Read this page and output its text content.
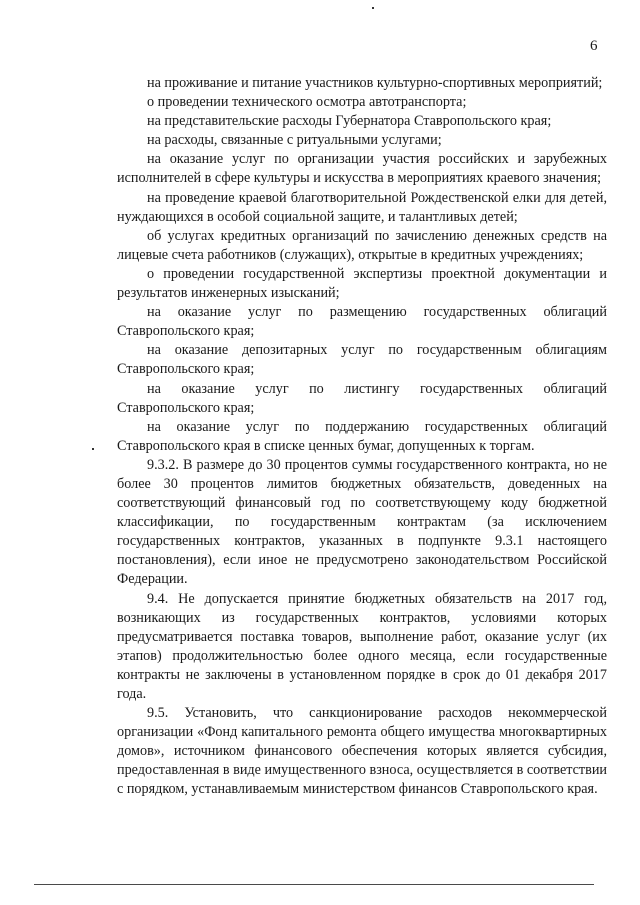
6

на проживание и питание участников культурно-спортивных мероприятий;

о проведении технического осмотра автотранспорта;

на представительские расходы Губернатора Ставропольского края;

на расходы, связанные с ритуальными услугами;

на оказание услуг по организации участия российских и зарубежных исполнителей в сфере культуры и искусства в мероприятиях краевого значения;

на проведение краевой благотворительной Рождественской елки для детей, нуждающихся в особой социальной защите, и талантливых детей;

об услугах кредитных организаций по зачислению денежных средств на лицевые счета работников (служащих), открытые в кредитных учреждениях;

о проведении государственной экспертизы проектной документации и результатов инженерных изысканий;

на оказание услуг по размещению государственных облигаций Ставропольского края;

на оказание депозитарных услуг по государственным облигациям Ставропольского края;

на оказание услуг по листингу государственных облигаций Ставропольского края;

на оказание услуг по поддержанию государственных облигаций Ставропольского края в списке ценных бумаг, допущенных к торгам.

9.3.2. В размере до 30 процентов суммы государственного контракта, но не более 30 процентов лимитов бюджетных обязательств, доведенных на соответствующий финансовый год по соответствующему коду бюджетной классификации, по государственным контрактам (за исключением государственных контрактов, указанных в подпункте 9.3.1 настоящего постановления), если иное не предусмотрено законодательством Российской Федерации.

9.4. Не допускается принятие бюджетных обязательств на 2017 год, возникающих из государственных контрактов, условиями которых предусматривается поставка товаров, выполнение работ, оказание услуг (их этапов) продолжительностью более одного месяца, если государственные контракты не заключены в установленном порядке в срок до 01 декабря 2017 года.

9.5. Установить, что санкционирование расходов некоммерческой организации «Фонд капитального ремонта общего имущества многоквартирных домов», источником финансового обеспечения которых является субсидия, предоставленная в виде имущественного взноса, осуществляется в соответствии с порядком, устанавливаемым министерством финансов Ставропольского края.
